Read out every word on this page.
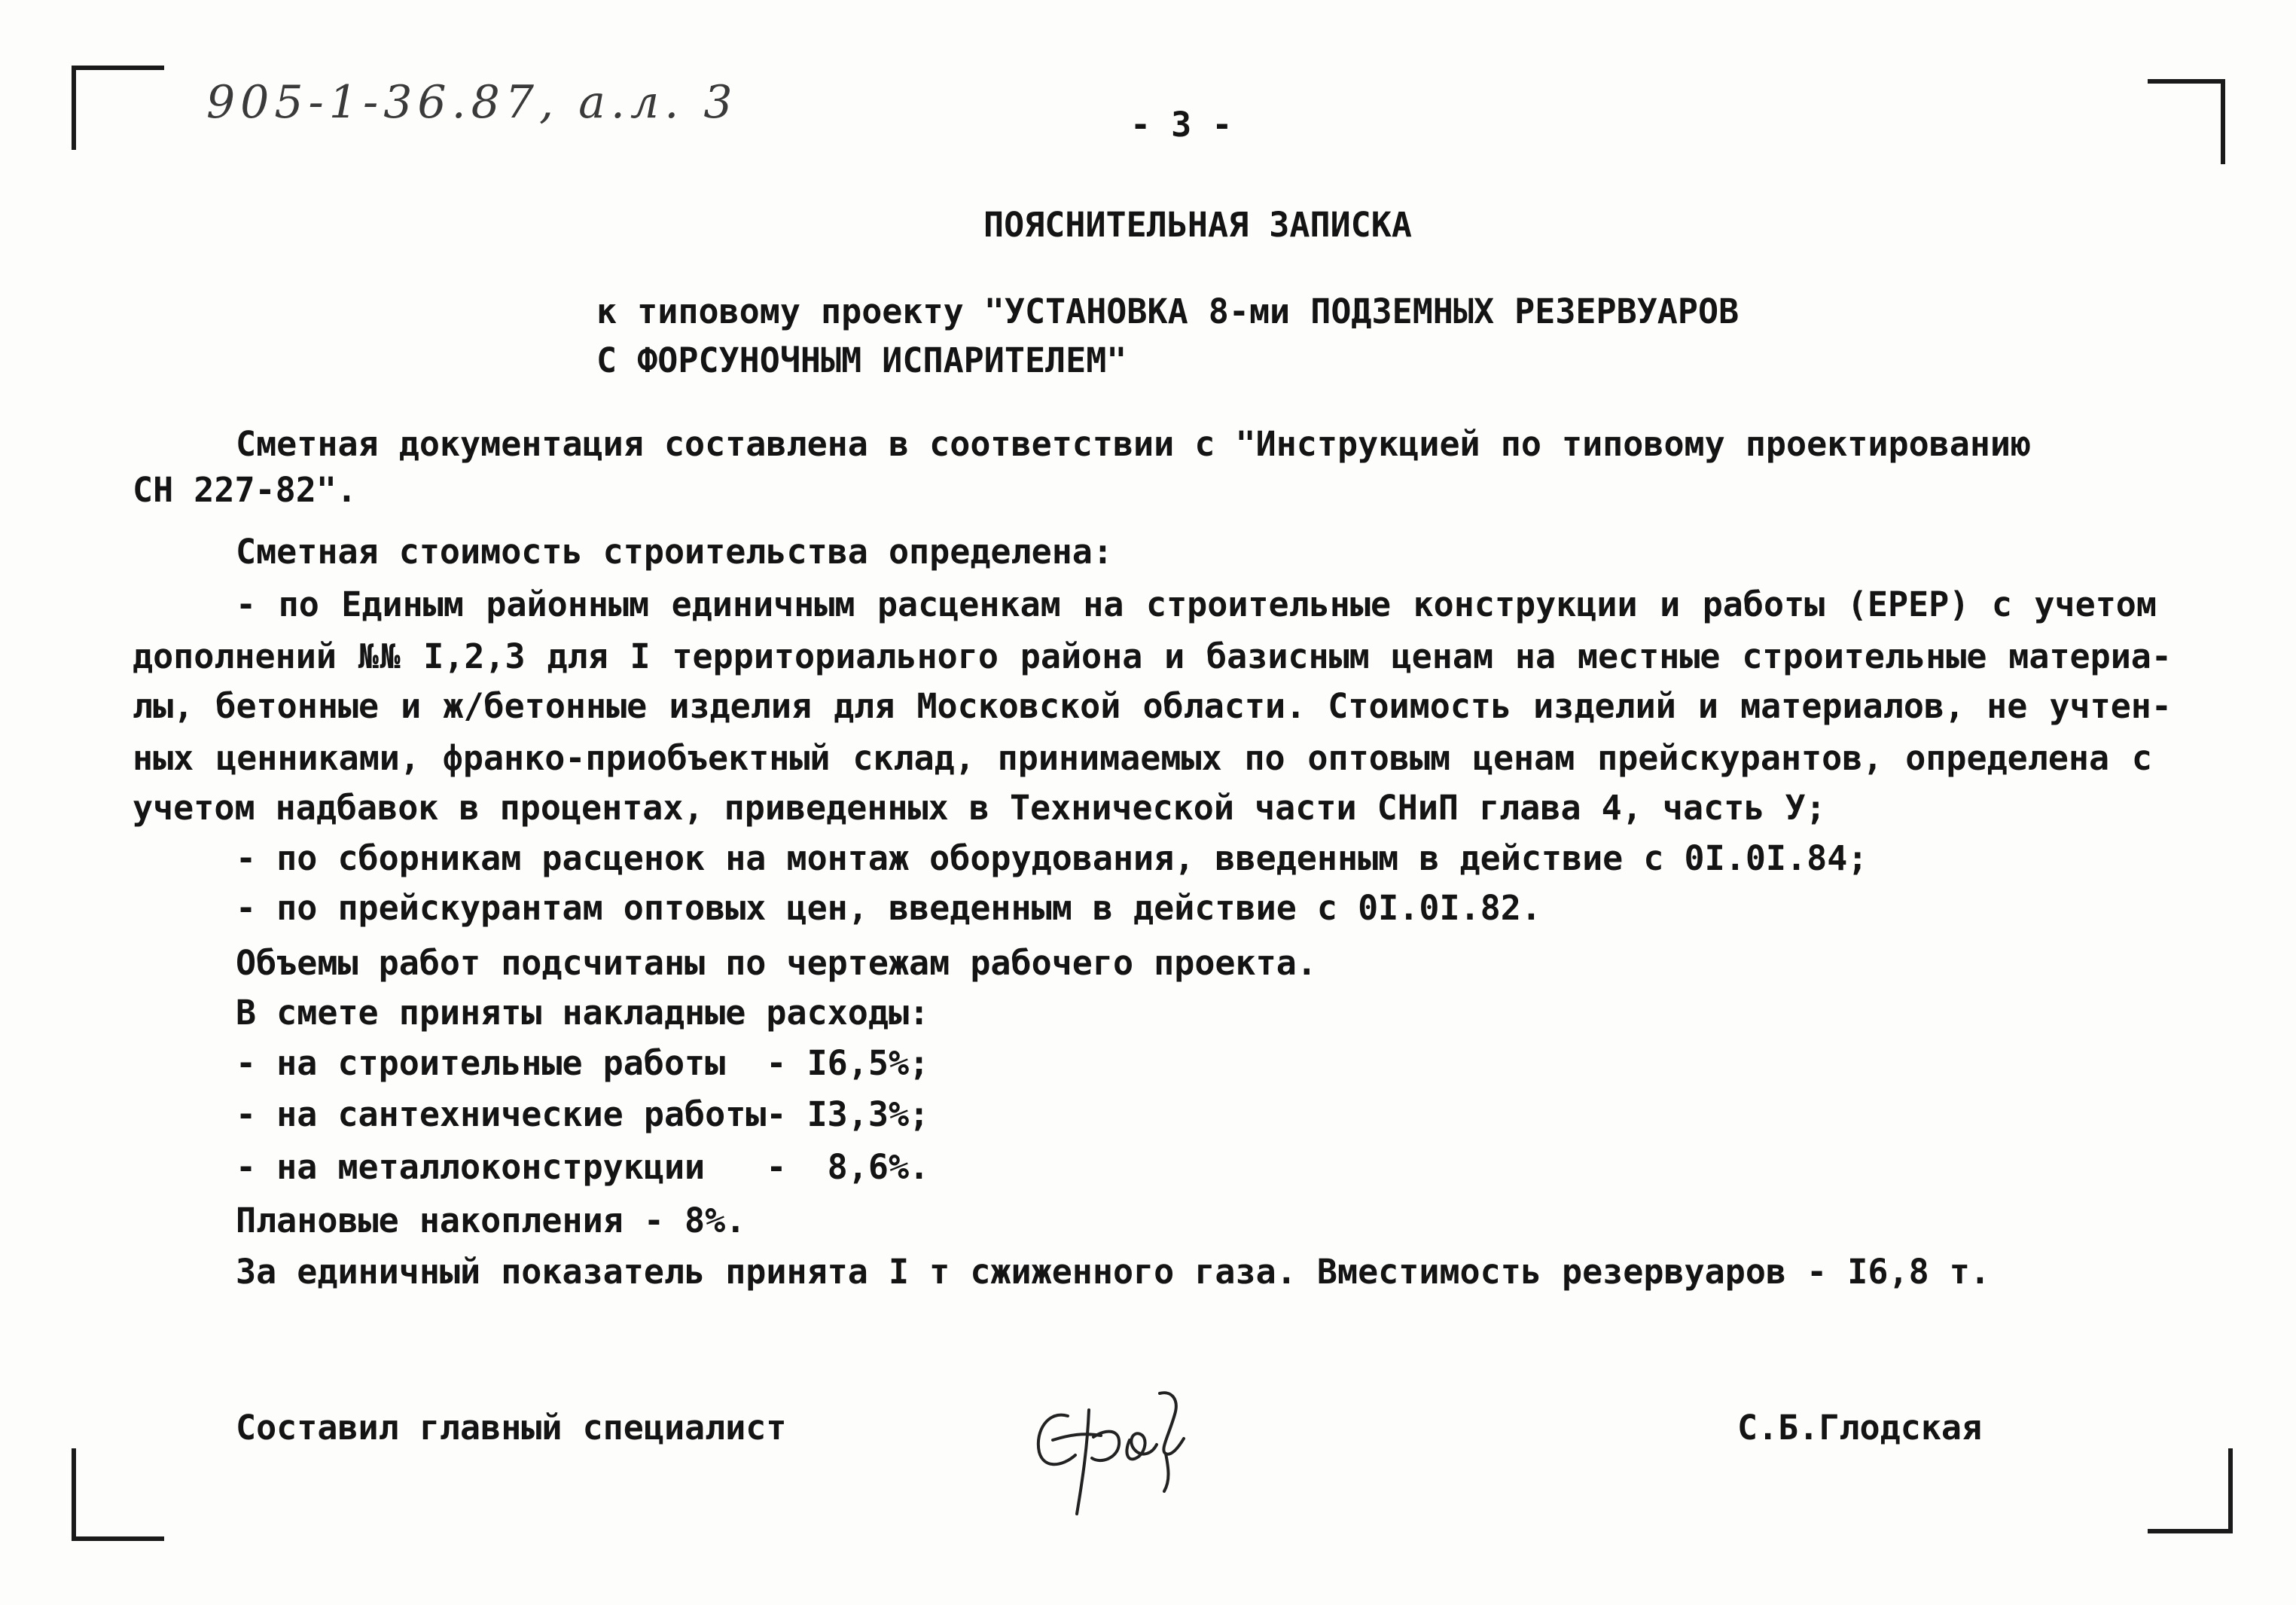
905-1-36.87, а.л. 3	- 3 -
ПОЯСНИТЕЛЬНАЯ ЗАПИСКА
к типовому проекту "УСТАНОВКА 8-ми ПОДЗЕМНЫХ РЕЗЕРВУАРОВ
С ФОРСУНОЧНЫМ ИСПАРИТЕЛЕМ"
Сметная документация составлена в соответствии с "Инструкцией по типовому проектированию
СН 227-82".
Сметная стоимость строительства определена:
- по Единым районным единичным расценкам на строительные конструкции и работы (ЕРЕР) с учетом
дополнений №№ I,2,3 для I территориального района и базисным ценам на местные строительные материа-
лы, бетонные и ж/бетонные изделия для Московской области. Стоимость изделий и материалов, не учтен-
ных ценниками, франко-приобъектный склад, принимаемых по оптовым ценам прейскурантов, определена с
учетом надбавок в процентах, приведенных в Технической части СНиП глава 4, часть У;
- по сборникам расценок на монтаж оборудования, введенным в действие с 0I.0I.84;
- по прейскурантам оптовых цен, введенным в действие с 0I.0I.82.
Объемы работ подсчитаны по чертежам рабочего проекта.
В смете приняты накладные расходы:
- на строительные работы  - I6,5%;
- на сантехнические работы- I3,3%;
- на металлоконструкции   -  8,6%.
Плановые накопления - 8%.
За единичный показатель принята I т сжиженного газа. Вместимость резервуаров - I6,8 т.
Составил главный специалист	С.Б.Глодская
